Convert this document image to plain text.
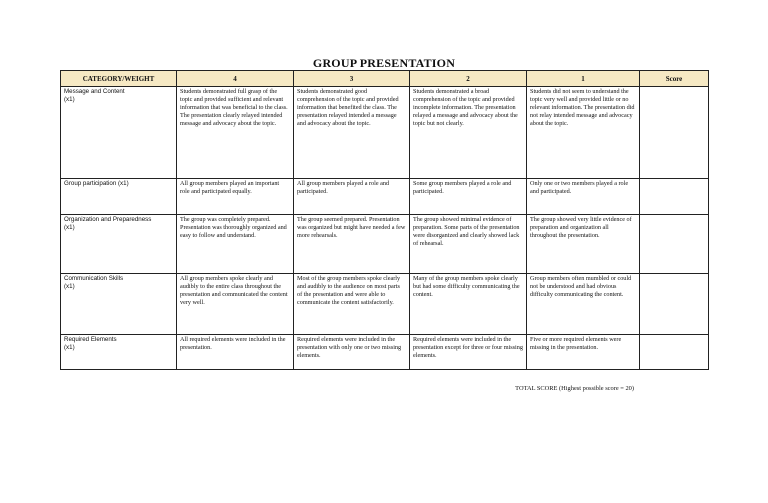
GROUP PRESENTATION
CATEGORY/WEIGHT	4	3	2	1	Score

Message and Content
(x1)	Students demonstrated full grasp of the topic and provided sufficient and relevant information that was beneficial to the class. The presentation clearly relayed intended message and advocacy about the topic.	Students demonstrated good comprehension of the topic and provided information that benefited the class. The presentation relayed intended a message and advocacy about the topic.	Students demonstrated a broad comprehension of the topic and provided incomplete information. The presentation relayed a message and advocacy about the topic but not clearly.	Students did not seem to understand the topic very well and provided little or no relevant information. The presentation did not relay intended message and advocacy about the topic.	

Group participation (x1)	All group members played an important role and participated equally.	All group members played a role and participated.	Some group members played a role and participated.	Only one or two members played a role and participated.	

Organization and Preparedness
(x1)	The group was completely prepared. Presentation was thoroughly organized and easy to follow and understand.	The group seemed prepared. Presentation was organized but might have needed a few more rehearsals.	The group showed minimal evidence of preparation. Some parts of the presentation were disorganized and clearly showed lack of rehearsal.	The group showed very little evidence of preparation and organization all throughout the presentation.	

Communication Skills
(x1)	All group members spoke clearly and audibly to the entire class throughout the presentation and communicated the content very well.	Most of the group members spoke clearly and audibly to the audience on most parts of the presentation and were able to communicate the content satisfactorily.	Many of the group members spoke clearly but had some difficulty communicating the content.	Group members often mumbled or could not be understood and had obvious difficulty communicating the content.	

Required Elements
(x1)	All required elements were included in the presentation.	Required elements were included in the presentation with only one or two missing elements.	Required elements were included in the presentation except for three or four missing elements.	Five or more required elements were missing in the presentation.	
TOTAL SCORE (Highest possible score = 20)
